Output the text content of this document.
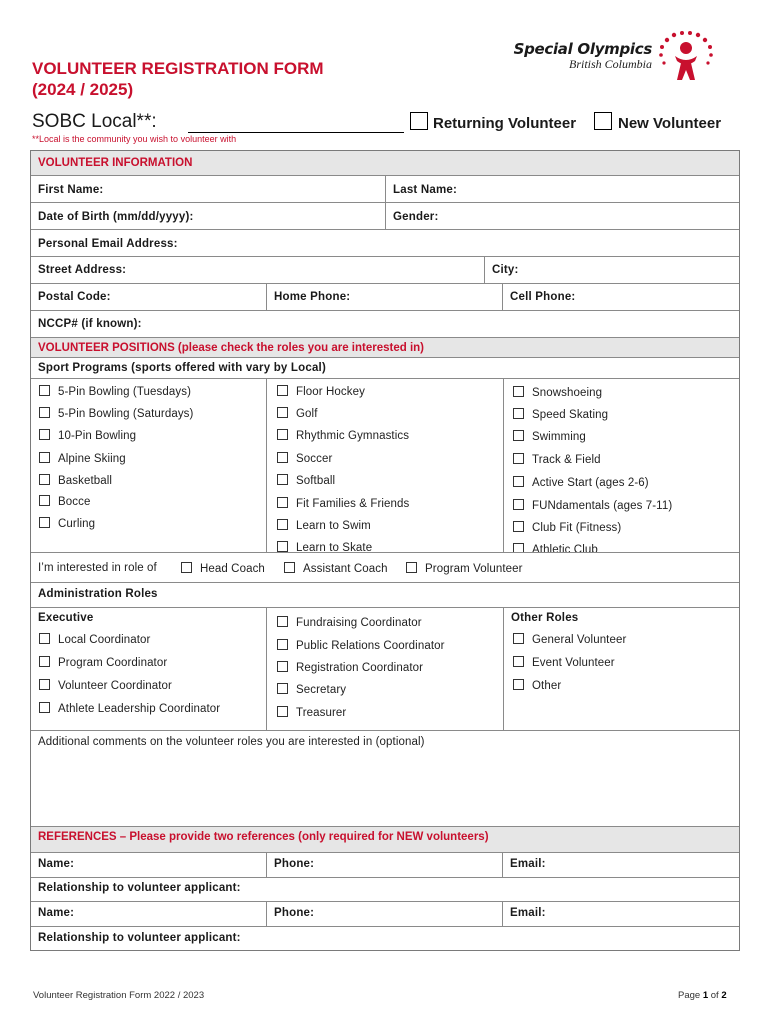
VOLUNTEER REGISTRATION FORM
(2024 / 2025)
Special Olympics
British Columbia
SOBC Local**:	Returning Volunteer	New Volunteer
**Local is the community you wish to volunteer with
VOLUNTEER INFORMATION
First Name:	Last Name:
Date of Birth (mm/dd/yyyy):	Gender:
Personal Email Address:
Street Address:	City:
Postal Code:	Home Phone:	Cell Phone:
NCCP# (if known):
VOLUNTEER POSITIONS (please check the roles you are interested in)
Sport Programs (sports offered with vary by Local)
5-Pin Bowling (Tuesdays)
5-Pin Bowling (Saturdays)
10-Pin Bowling
Alpine Skiing
Basketball
Bocce
Curling
Floor Hockey
Golf
Rhythmic Gymnastics
Soccer
Softball
Fit Families & Friends
Learn to Swim
Learn to Skate
Snowshoeing
Speed Skating
Swimming
Track & Field
Active Start (ages 2-6)
FUNdamentals (ages 7-11)
Club Fit (Fitness)
Athletic Club
I’m interested in role of	Head Coach	Assistant Coach	Program Volunteer
Administration Roles
Executive
Local Coordinator
Program Coordinator
Volunteer Coordinator
Athlete Leadership Coordinator
Fundraising Coordinator
Public Relations Coordinator
Registration Coordinator
Secretary
Treasurer
Other Roles
General Volunteer
Event Volunteer
Other
Additional comments on the volunteer roles you are interested in (optional)
REFERENCES – Please provide two references (only required for NEW volunteers)
Name:	Phone:	Email:
Relationship to volunteer applicant:
Name:	Phone:	Email:
Relationship to volunteer applicant:
Volunteer Registration Form 2022 / 2023	Page 1 of 2
